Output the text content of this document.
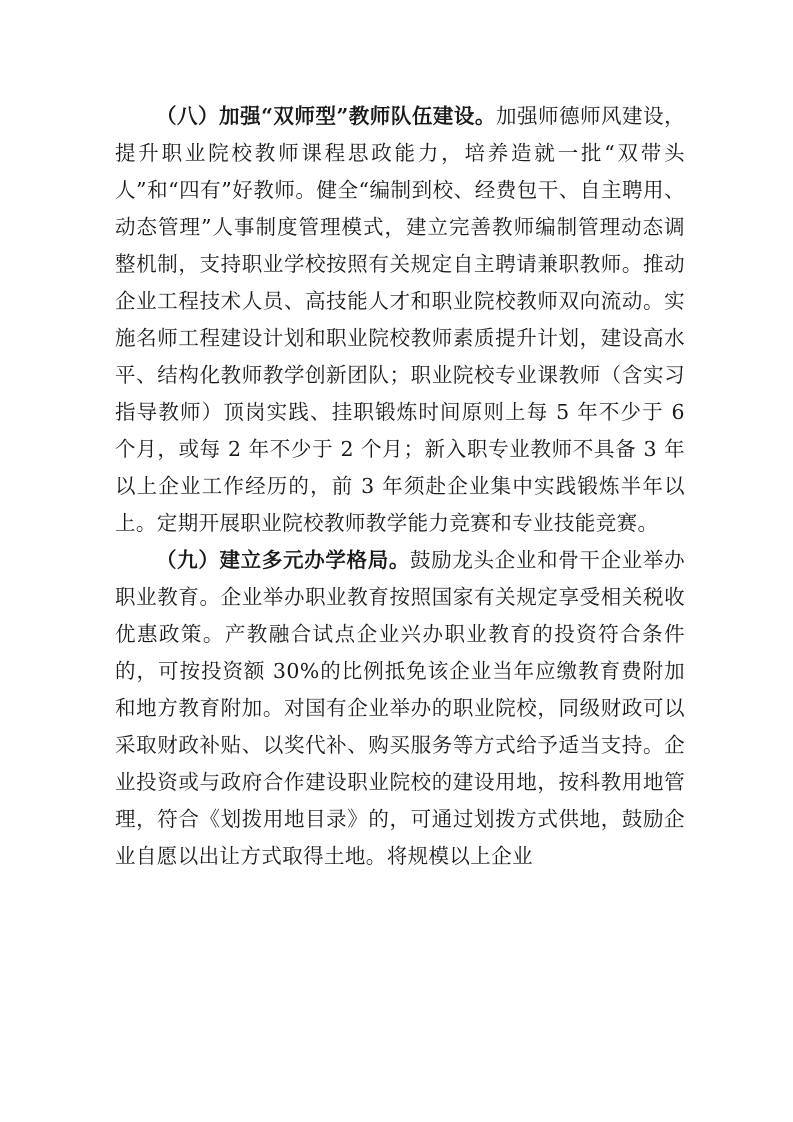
（八）加强“双师型”教师队伍建设。加强师德师风建设，提升职业院校教师课程思政能力，培养造就一批“双带头人”和“四有”好教师。健全“编制到校、经费包干、自主聘用、动态管理”人事制度管理模式，建立完善教师编制管理动态调整机制，支持职业学校按照有关规定自主聘请兼职教师。推动企业工程技术人员、高技能人才和职业院校教师双向流动。实施名师工程建设计划和职业院校教师素质提升计划，建设高水平、结构化教师教学创新团队；职业院校专业课教师（含实习指导教师）顶岗实践、挂职锻炼时间原则上每 5 年不少于 6 个月，或每 2 年不少于 2 个月；新入职专业教师不具备 3 年以上企业工作经历的，前 3 年须赴企业集中实践锻炼半年以上。定期开展职业院校教师教学能力竞赛和专业技能竞赛。

（九）建立多元办学格局。鼓励龙头企业和骨干企业举办职业教育。企业举办职业教育按照国家有关规定享受相关税收优惠政策。产教融合试点企业兴办职业教育的投资符合条件的，可按投资额 30%的比例抵免该企业当年应缴教育费附加和地方教育附加。对国有企业举办的职业院校，同级财政可以采取财政补贴、以奖代补、购买服务等方式给予适当支持。企业投资或与政府合作建设职业院校的建设用地，按科教用地管理，符合《划拨用地目录》的，可通过划拨方式供地，鼓励企业自愿以出让方式取得土地。将规模以上企业
